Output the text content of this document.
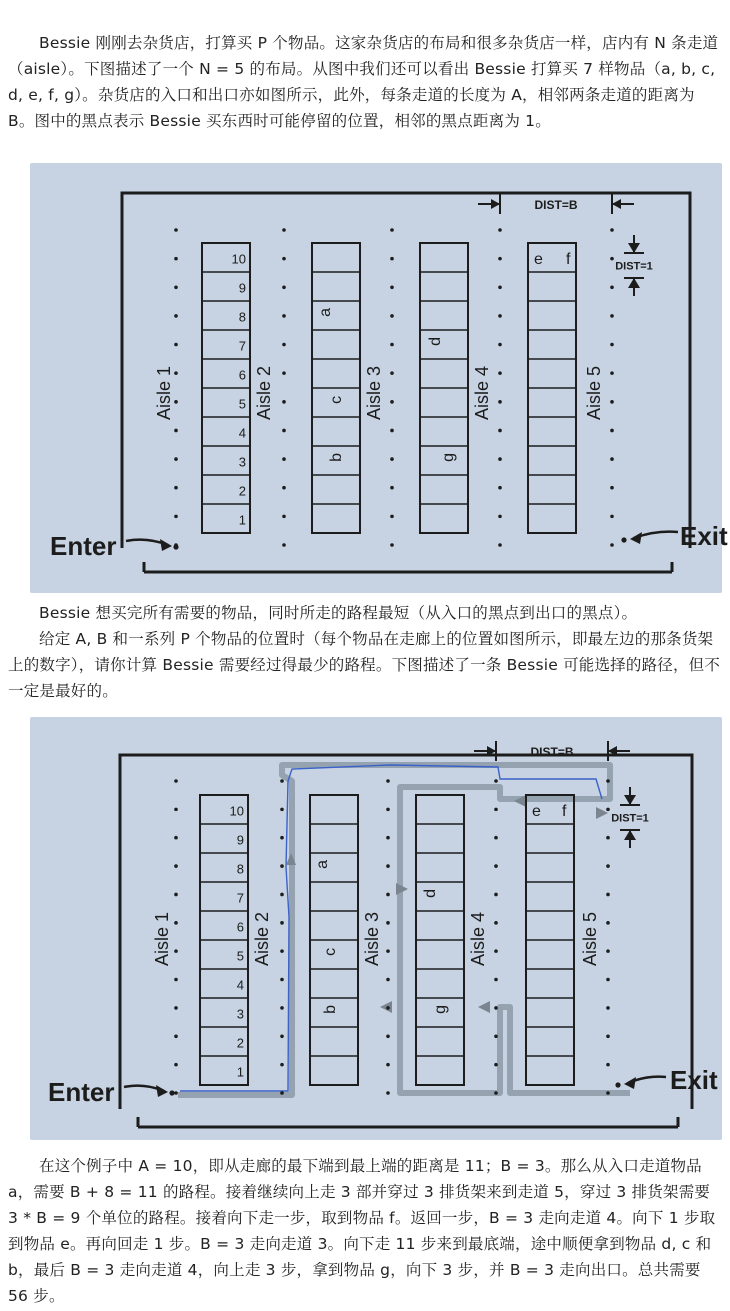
Bessie 刚刚去杂货店，打算买 P 个物品。这家杂货店的布局和很多杂货店一样，店内有 N 条走道（aisle）。下图描述了一个 N = 5 的布局。从图中我们还可以看出 Bessie 打算买 7 样物品（a, b, c, d, e, f, g）。杂货店的入口和出口亦如图所示，此外，每条走道的长度为 A，相邻两条走道的距离为 B。图中的黑点表示 Bessie 买东西时可能停留的位置，相邻的黑点距离为 1。

10
9
8
7
6
5
4
3
2
1
Aisle 1	Aisle 2	Aisle 3	Aisle 4	Aisle 5
a
c
b
d
g
e f
DIST=B
DIST=1
Enter	Exit

Bessie 想买完所有需要的物品，同时所走的路程最短（从入口的黑点到出口的黑点）。

给定 A, B 和一系列 P 个物品的位置时（每个物品在走廊上的位置如图所示，即最左边的那条货架上的数字），请你计算 Bessie 需要经过得最少的路程。下图描述了一条 Bessie 可能选择的路径，但不一定是最好的。

10
9
8
7
6
5
4
3
2
1
Aisle 1	Aisle 2	Aisle 3	Aisle 4	Aisle 5
a
c
b
d
g
e f
DIST=B
DIST=1
Enter	Exit

在这个例子中 A = 10，即从走廊的最下端到最上端的距离是 11；B = 3。那么从入口走道物品 a，需要 B + 8 = 11 的路程。接着继续向上走 3 部并穿过 3 排货架来到走道 5，穿过 3 排货架需要 3 * B = 9 个单位的路程。接着向下走一步，取到物品 f。返回一步，B = 3 走向走道 4。向下 1 步取到物品 e。再向回走 1 步。B = 3 走向走道 3。向下走 11 步来到最底端，途中顺便拿到物品 d, c 和 b，最后 B = 3 走向走道 4，向上走 3 步，拿到物品 g，向下 3 步，并 B = 3 走向出口。总共需要 56 步。
